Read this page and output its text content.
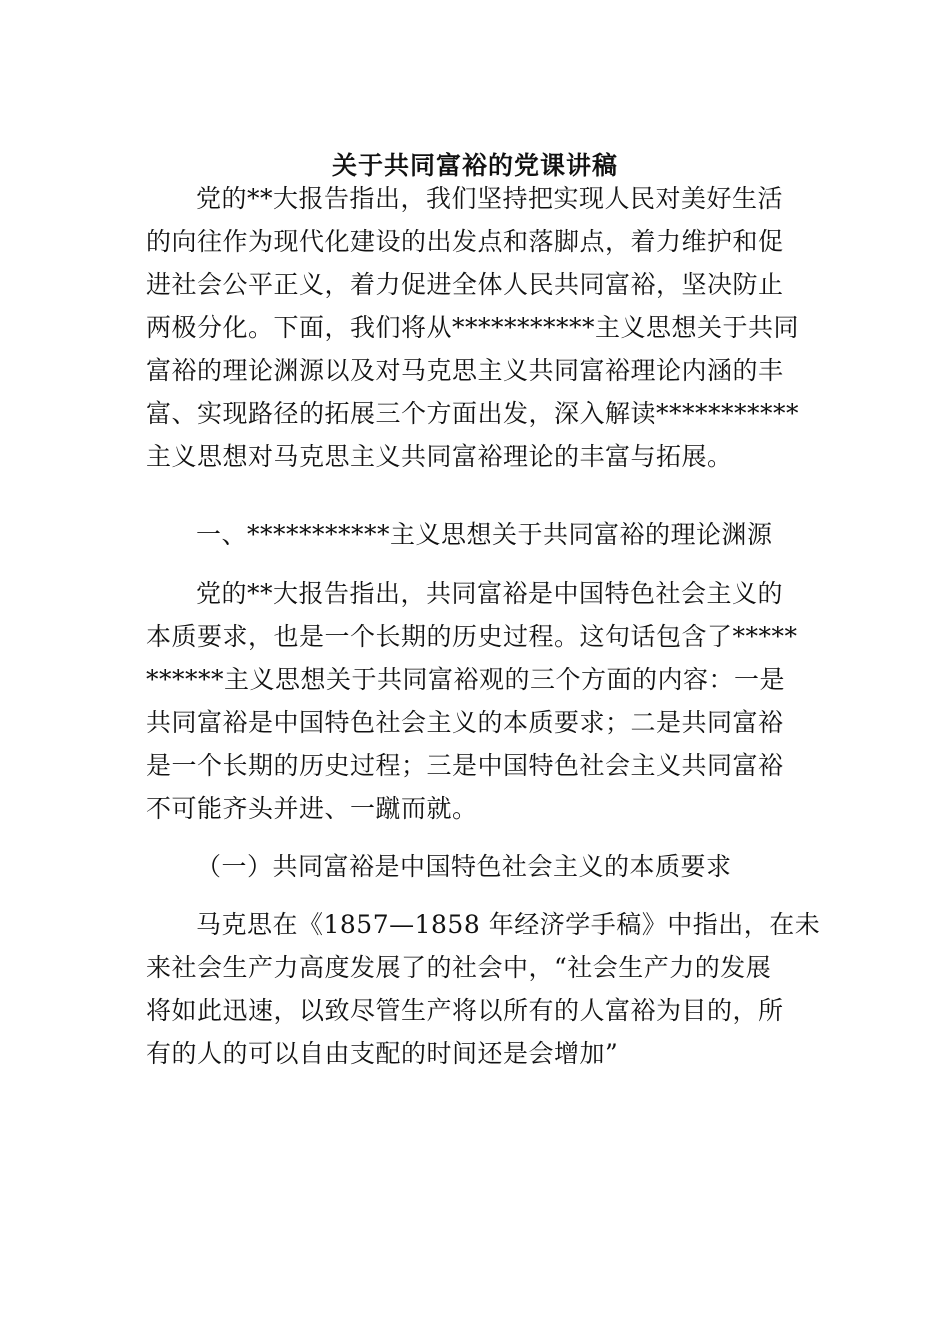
关于共同富裕的党课讲稿
党的**大报告指出，我们坚持把实现人民对美好生活
的向往作为现代化建设的出发点和落脚点，着力维护和促
进社会公平正义，着力促进全体人民共同富裕，坚决防止
两极分化。下面，我们将从***********主义思想关于共同
富裕的理论渊源以及对马克思主义共同富裕理论内涵的丰
富、实现路径的拓展三个方面出发，深入解读***********
主义思想对马克思主义共同富裕理论的丰富与拓展。
一、***********主义思想关于共同富裕的理论渊源
党的**大报告指出，共同富裕是中国特色社会主义的
本质要求，也是一个长期的历史过程。这句话包含了*****
******主义思想关于共同富裕观的三个方面的内容：一是
共同富裕是中国特色社会主义的本质要求；二是共同富裕
是一个长期的历史过程；三是中国特色社会主义共同富裕
不可能齐头并进、一蹴而就。
（一）共同富裕是中国特色社会主义的本质要求
马克思在《1857—1858 年经济学手稿》中指出，在未
来社会生产力高度发展了的社会中，“社会生产力的发展
将如此迅速，以致尽管生产将以所有的人富裕为目的，所
有的人的可以自由支配的时间还是会增加”
